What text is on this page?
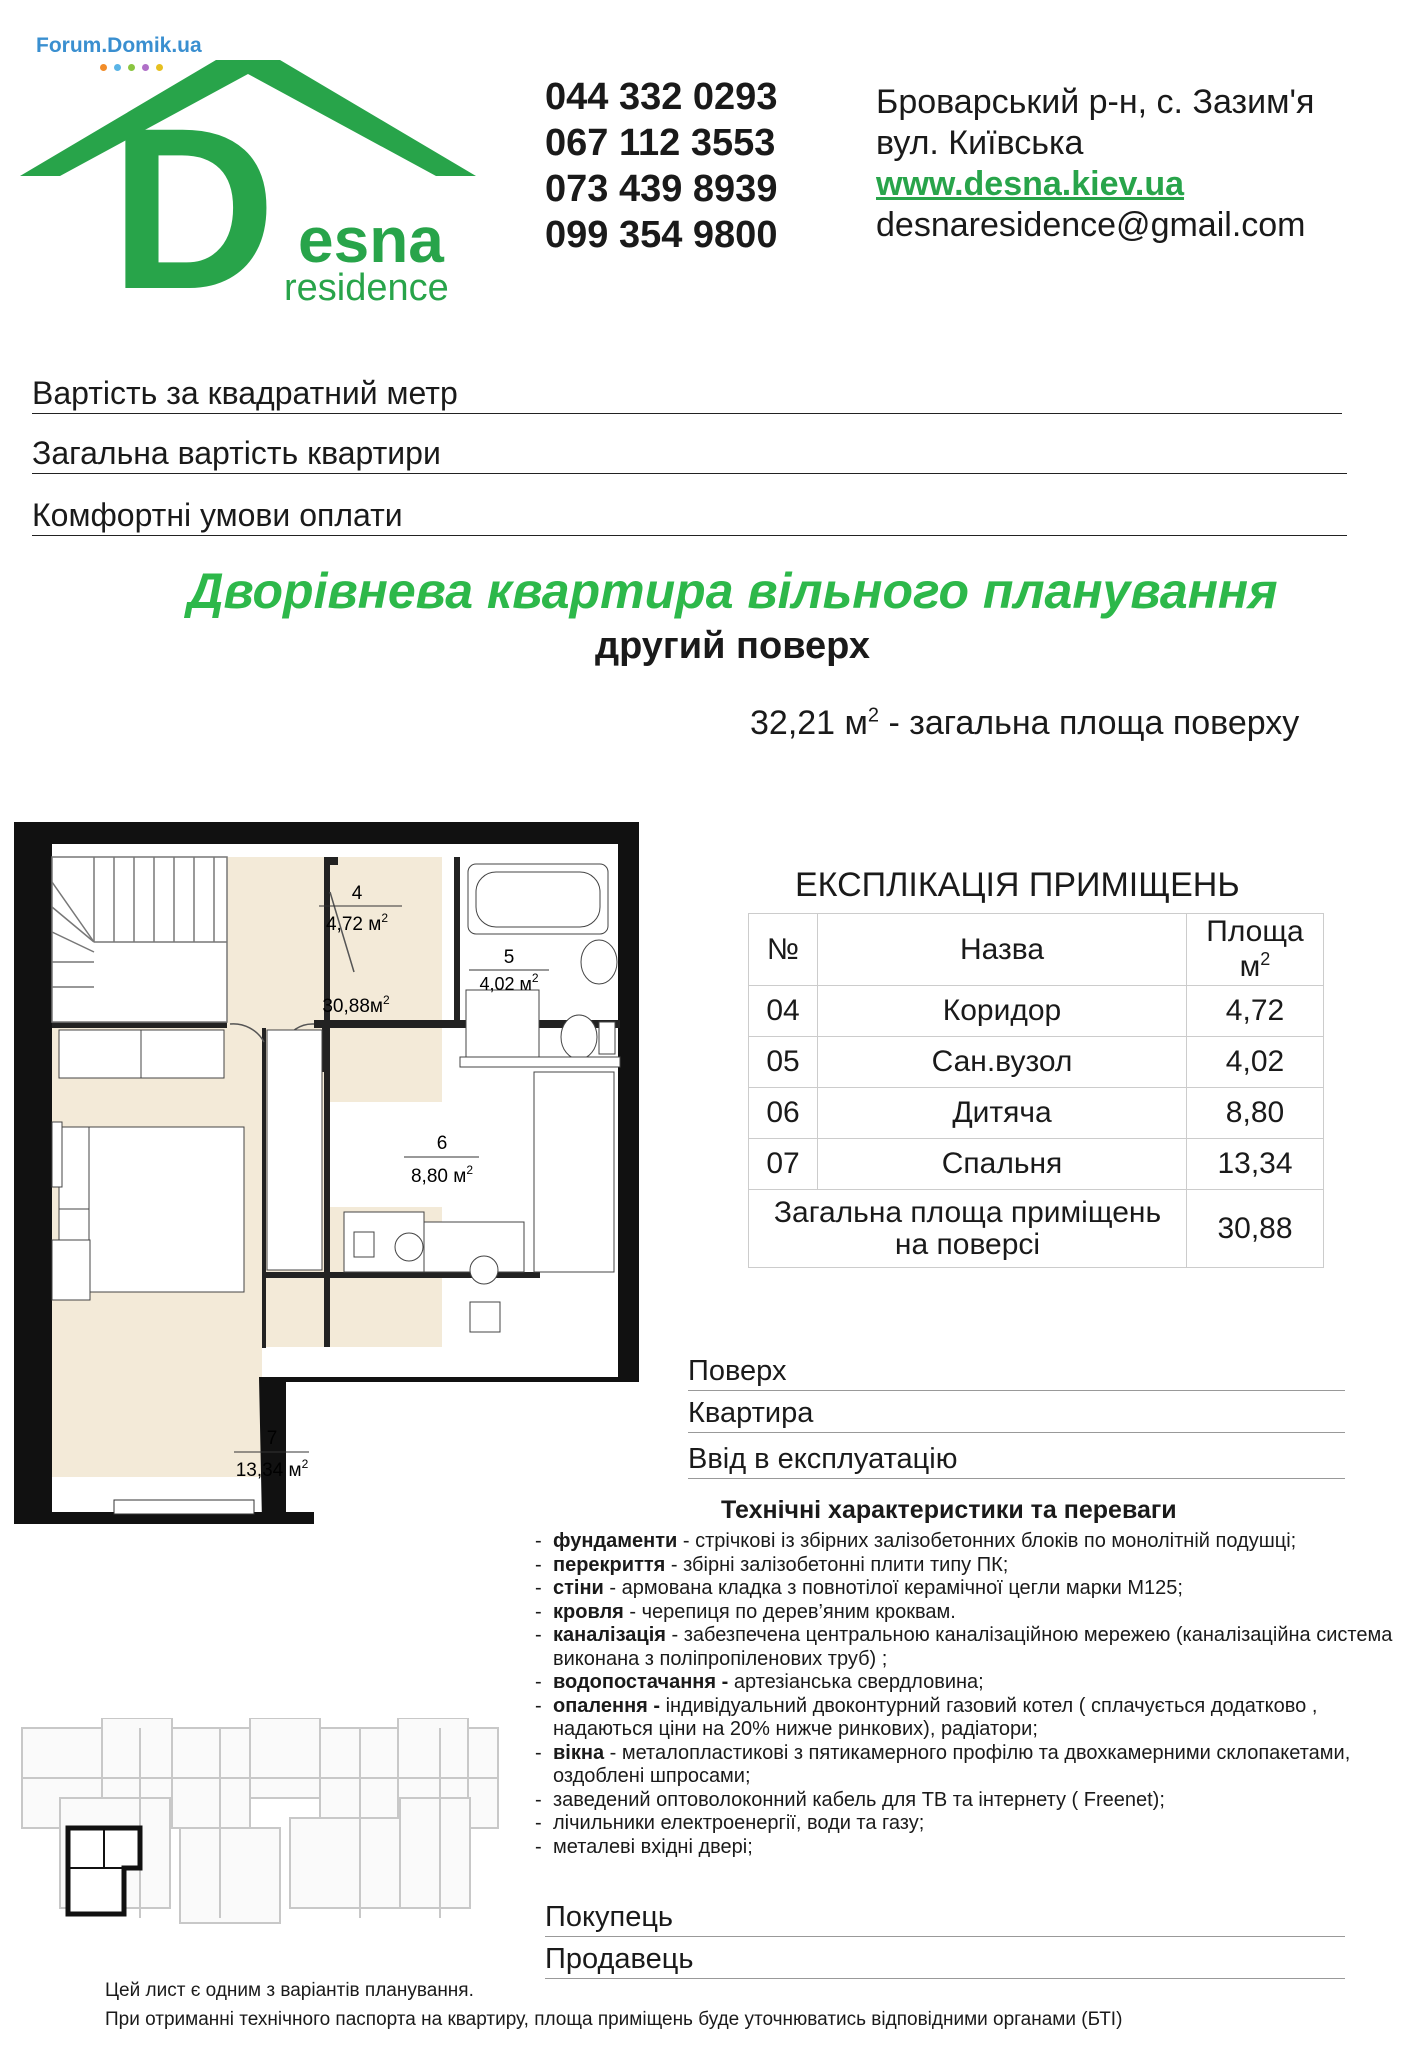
Forum.Domik.ua
D esna
residence
044 332 0293
067 112 3553
073 439 8939
099 354 9800
Броварський р-н, с. Зазим'я
вул. Київська
www.desna.kiev.ua
desnaresidence@gmail.com
Вартість за квадратний метр
Загальна вартість квартири
Комфортні умови оплати
Дворівнева квартира вільного планування
другий поверх
32,21 $м^2$ - загальна площа поверху
4
4,72 $м^2$
5
4,02 $м^2$
$30,88м^2$
6
8,80 $м^2$
7
13,34 $м^2$
ЕКСПЛІКАЦІЯ ПРИМІЩЕНЬ
№	Назва	Площа
$м^2$

04	Коридор	4,72
05	Сан.вузол	4,02
06	Дитяча	8,80
07	Спальня	13,34

Загальна площа приміщень
на поверсі		30,88
Поверх
Квартира
Ввід в експлуатацію
Технічні характеристики та переваги
- фундаменти - стрічкові із збірних залізобетонних блоків по монолітній подушці;
- перекриття - збірні залізобетонні плити типу ПК;
- стіни - армована кладка з повнотілої керамічної цегли марки М125;
- кровля - черепиця по дерев’яним кроквам.
- каналізація - забезпечена центральною каналізаційною мережею (каналізаційна система виконана з поліпропіленових труб) ;
- водопостачання - артезіанська свердловина;
- опалення - індивідуальний двоконтурний газовий котел ( сплачується додатково , надаються ціни на 20% нижче ринкових), радіатори;
- вікна - металопластикові з пятикамерного профілю та двохкамерними склопакетами, оздоблені шпросами;
- заведений оптоволоконний кабель для ТВ та інтернету ( Freenet);
- лічильники електроенергії, води та газу;
- металеві вхідні двері;
Покупець
Продавець
Цей лист є одним з варіантів планування.
При отриманні технічного паспорта на квартиру, площа приміщень буде уточнюватись відповідними органами (БТІ)
